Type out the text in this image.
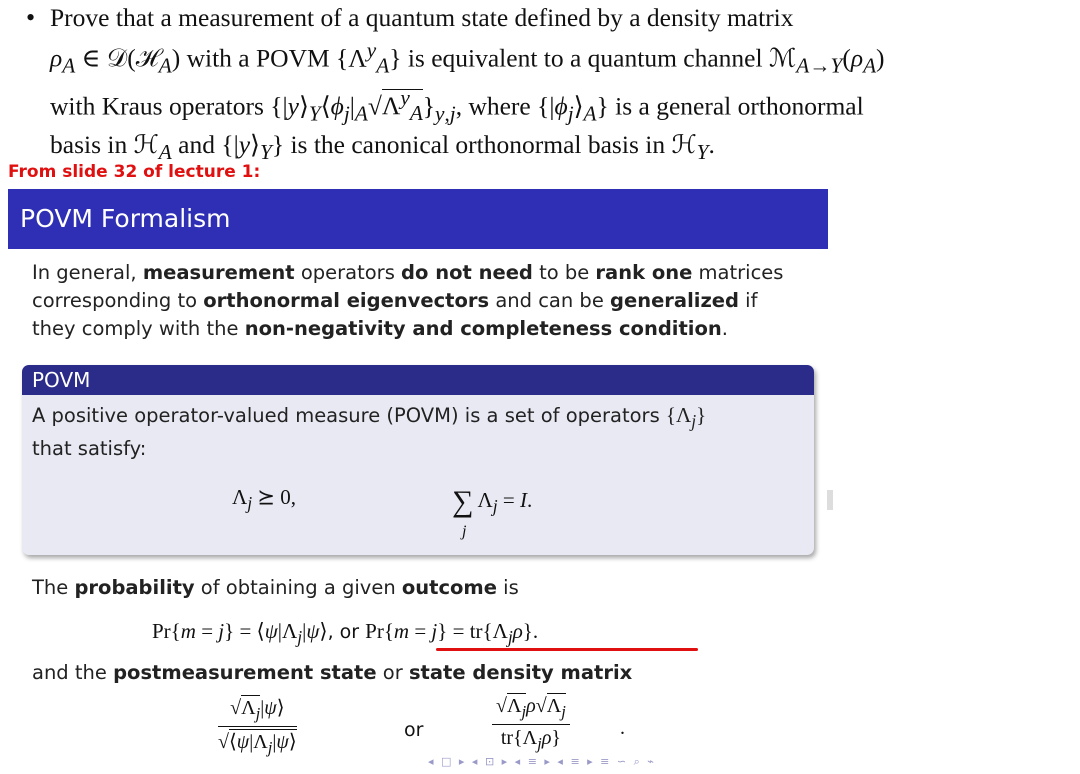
• Prove that a measurement of a quantum state defined by a density matrix
$\rho_A$ ∈ 𝒟(ℋ$_A$) with a POVM $\{\Lambda^y_A\}$ is equivalent to a quantum channel $ℳ_{A\to Y}(\rho_A)$
with Kraus operators $\{|y⟩_Y⟨\phi_j|_A√\Lambda^y_A\}_{y,j}$, where $\{|\phi_j⟩_A\}$ is a general orthonormal
basis in ℋ$_A$ and $\{|y⟩_Y\}$ is the canonical orthonormal basis in ℋ$_Y$.
From slide 32 of lecture 1:
POVM Formalism
In general, measurement operators do not need to be rank one matrices
corresponding to orthonormal eigenvectors and can be generalized if
they comply with the non-negativity and completeness condition.
POVM
A positive operator-valued measure (POVM) is a set of operators $\{\Lambda_j\}$
that satisfy:
$\Lambda_j$ ⪰ 0,	∑ $\Lambda_j = I$.
j
The probability of obtaining a given outcome is
$Pr\{m = j\} = ⟨\psi|\Lambda_j|\psi⟩$, or $Pr\{m = j\} = tr\{\Lambda_j\rho\}$.
and the postmeasurement state or state density matrix
$√\Lambda_j|\psi⟩$
$√⟨\psi|\Lambda_j|\psi⟩$
or
$√\Lambda_j\rho√\Lambda_j$
$tr\{\Lambda_j\rho\}$	.
◂ □ ▸ ◂ ⊡ ▸ ◂ ≡ ▸ ◂ ≡ ▸ ≡ ∽ ⌕ ⌁
